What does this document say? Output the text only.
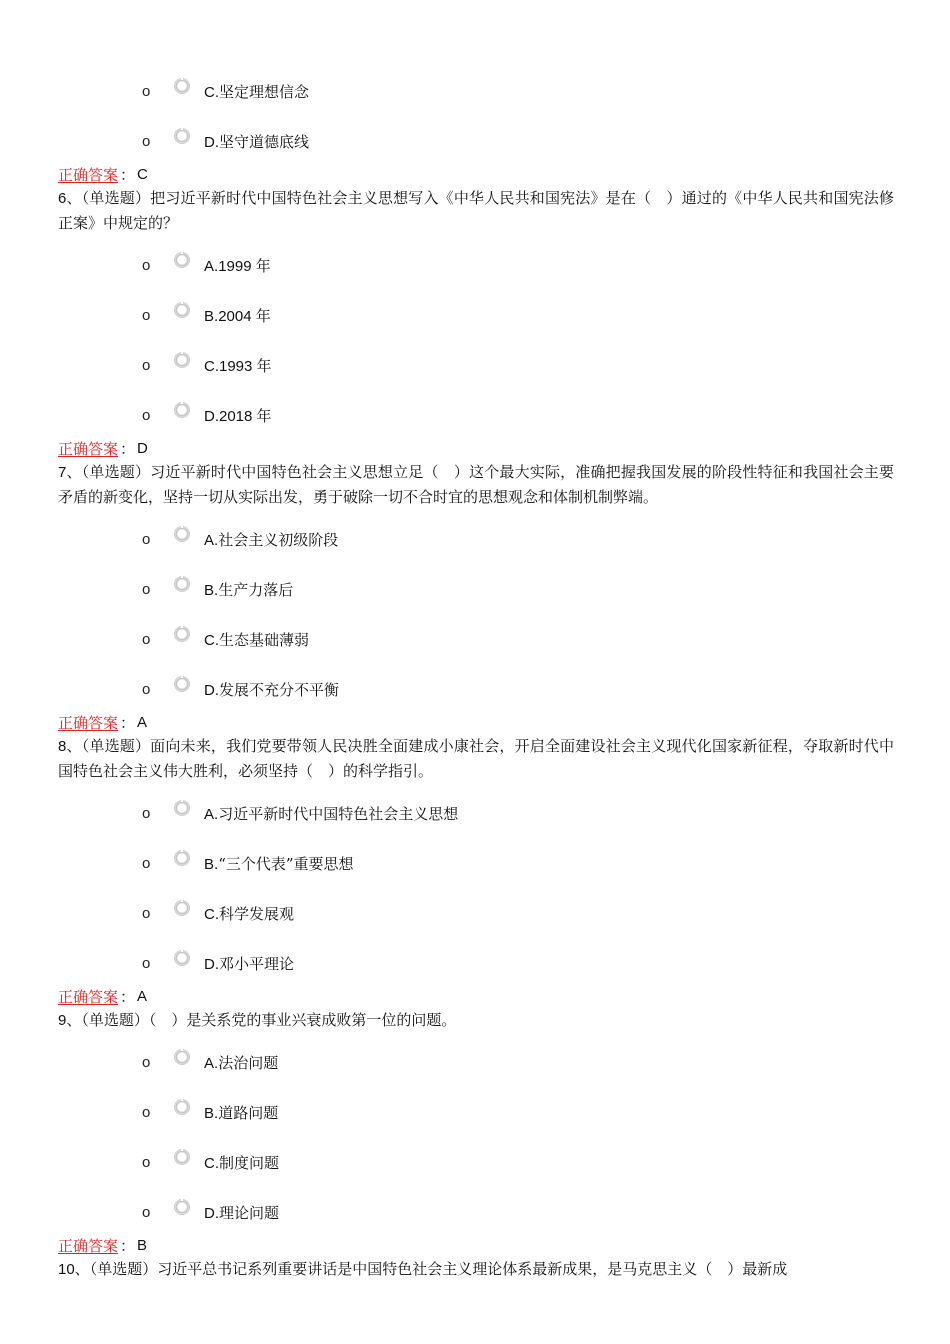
o	C.坚定理想信念
o	D.坚守道德底线
正确答案 ： C
6、（单选题）把习近平新时代中国特色社会主义思想写入《中华人民共和国宪法》是在（　）通过的《中华人民共和国宪法修正案》中规定的？
o	A.1999 年
o	B.2004 年
o	C.1993 年
o	D.2018 年
正确答案 ： D
7、（单选题）习近平新时代中国特色社会主义思想立足（　）这个最大实际，准确把握我国发展的阶段性特征和我国社会主要矛盾的新变化，坚持一切从实际出发，勇于破除一切不合时宜的思想观念和体制机制弊端。
o	A.社会主义初级阶段
o	B.生产力落后
o	C.生态基础薄弱
o	D.发展不充分不平衡
正确答案 ： A
8、（单选题）面向未来，我们党要带领人民决胜全面建成小康社会，开启全面建设社会主义现代化国家新征程，夺取新时代中国特色社会主义伟大胜利，必须坚持（　）的科学指引。
o	A.习近平新时代中国特色社会主义思想
o	B.“三个代表”重要思想
o	C.科学发展观
o	D.邓小平理论
正确答案 ： A
9、（单选题）（　）是关系党的事业兴衰成败第一位的问题。
o	A.法治问题
o	B.道路问题
o	C.制度问题
o	D.理论问题
正确答案 ： B
10、（单选题）习近平总书记系列重要讲话是中国特色社会主义理论体系最新成果，是马克思主义（　）最新成
